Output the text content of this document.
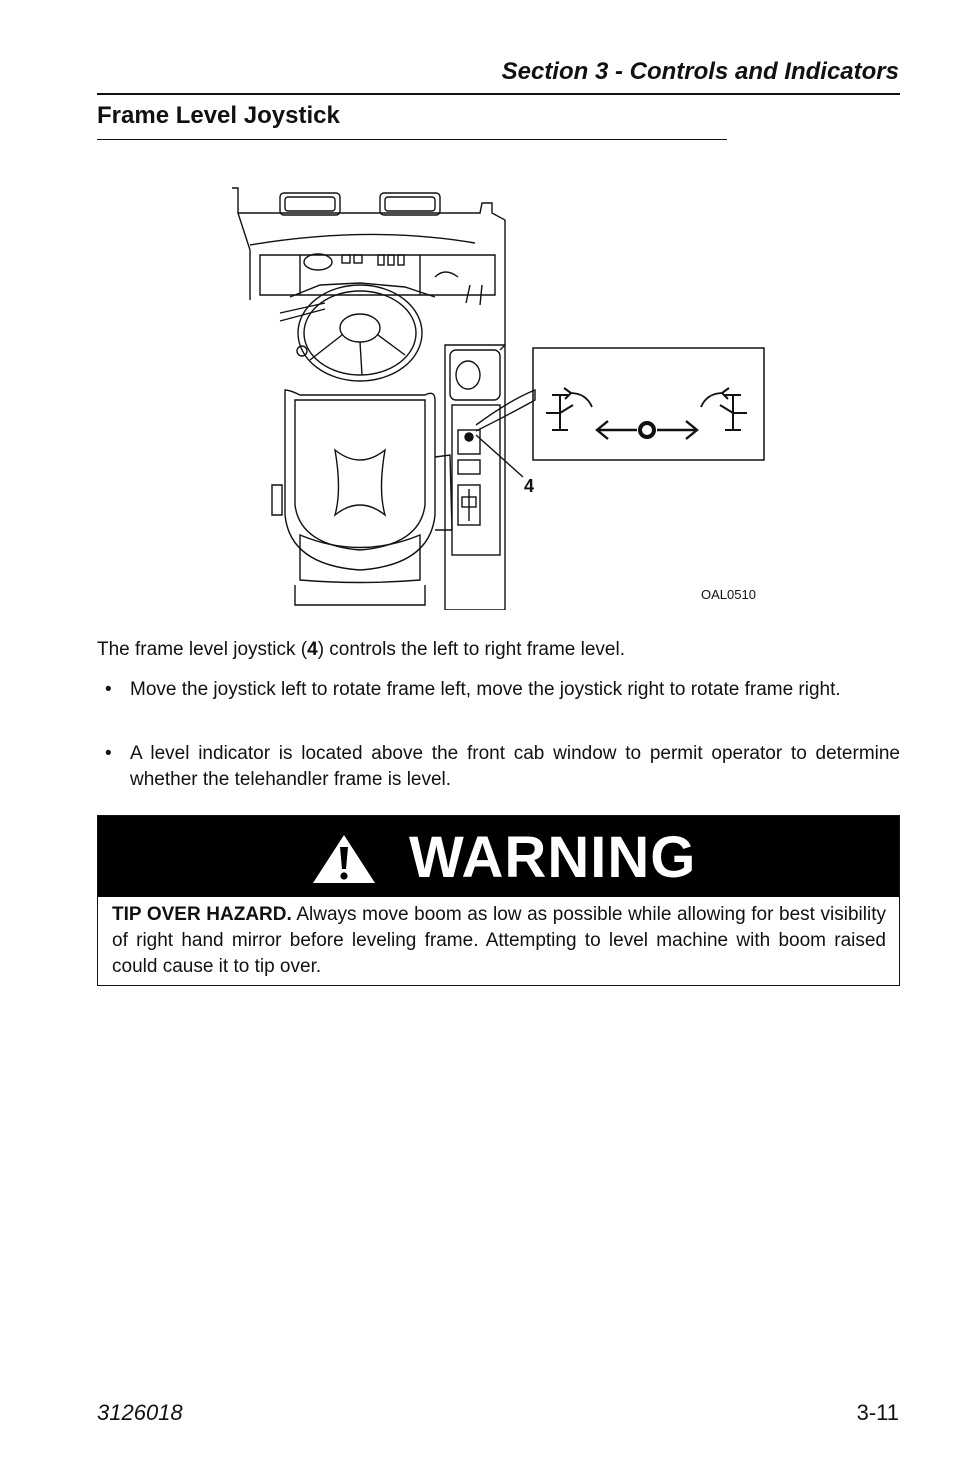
Section 3 - Controls and Indicators
Frame Level Joystick
4
OAL0510
The frame level joystick (4) controls the left to right frame level.
• Move the joystick left to rotate frame left, move the joystick right to rotate frame right.
• A level indicator is located above the front cab window to permit operator to determine whether the telehandler frame is level.
WARNING
TIP OVER HAZARD. Always move boom as low as possible while allowing for best visibility of right hand mirror before leveling frame. Attempting to level machine with boom raised could cause it to tip over.
3126018	3-11
